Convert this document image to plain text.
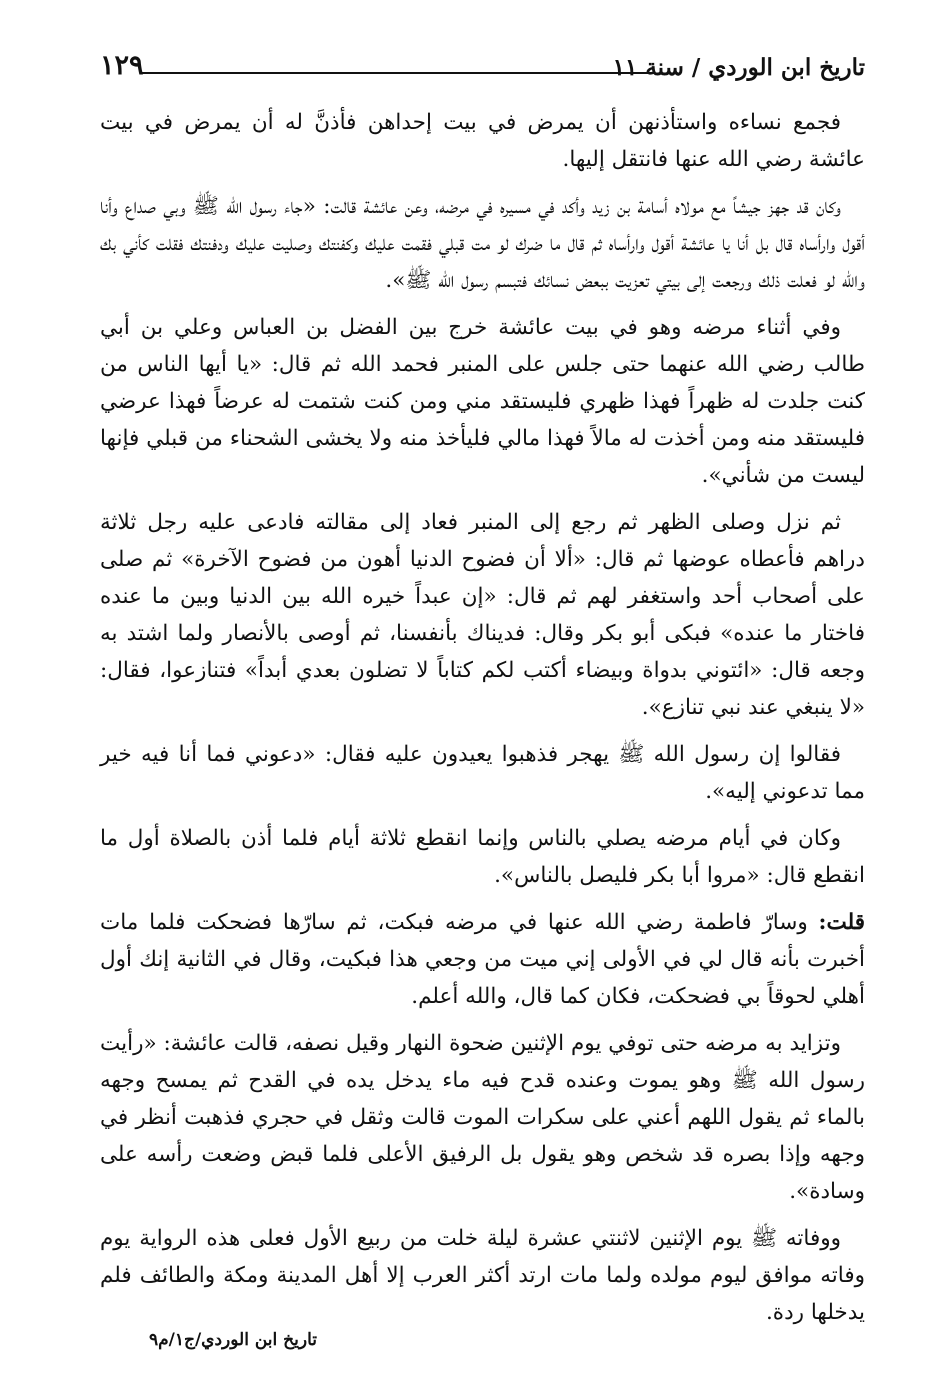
تاريخ ابن الوردي / سنة ١١
١٢٩

فجمع نساءه واستأذنهن أن يمرض في بيت إحداهن فأذنَّ له أن يمرض في بيت عائشة رضي الله عنها فانتقل إليها.

وكان قد جهز جيشاً مع مولاه أسامة بن زيد وأكد في مسيره في مرضه، وعن عائشة قالت: «جاء رسول الله ﷺ وبي صداع وأنا أقول وارأساه قال بل أنا يا عائشة أقول وارأساه ثم قال ما ضرك لو مت قبلي فقمت عليك وكفنتك وصليت عليك ودفنتك فقلت كأني بك والله لو فعلت ذلك ورجعت إلى بيتي تعزيت ببعض نسائك فتبسم رسول الله ﷺ».

وفي أثناء مرضه وهو في بيت عائشة خرج بين الفضل بن العباس وعلي بن أبي طالب رضي الله عنهما حتى جلس على المنبر فحمد الله ثم قال: «يا أيها الناس من كنت جلدت له ظهراً فهذا ظهري فليستقد مني ومن كنت شتمت له عرضاً فهذا عرضي فليستقد منه ومن أخذت له مالاً فهذا مالي فليأخذ منه ولا يخشى الشحناء من قبلي فإنها ليست من شأني».

ثم نزل وصلى الظهر ثم رجع إلى المنبر فعاد إلى مقالته فادعى عليه رجل ثلاثة دراهم فأعطاه عوضها ثم قال: «ألا أن فضوح الدنيا أهون من فضوح الآخرة» ثم صلى على أصحاب أحد واستغفر لهم ثم قال: «إن عبداً خيره الله بين الدنيا وبين ما عنده فاختار ما عنده» فبكى أبو بكر وقال: فديناك بأنفسنا، ثم أوصى بالأنصار ولما اشتد به وجعه قال: «ائتوني بدواة وبيضاء أكتب لكم كتاباً لا تضلون بعدي أبداً» فتنازعوا، فقال: «لا ينبغي عند نبي تنازع».

فقالوا إن رسول الله ﷺ يهجر فذهبوا يعيدون عليه فقال: «دعوني فما أنا فيه خير مما تدعوني إليه».

وكان في أيام مرضه يصلي بالناس وإنما انقطع ثلاثة أيام فلما أذن بالصلاة أول ما انقطع قال: «مروا أبا بكر فليصل بالناس».

قلت: وسارّ فاطمة رضي الله عنها في مرضه فبكت، ثم سارّها فضحكت فلما مات أخبرت بأنه قال لي في الأولى إني ميت من وجعي هذا فبكيت، وقال في الثانية إنك أول أهلي لحوقاً بي فضحكت، فكان كما قال، والله أعلم.

وتزايد به مرضه حتى توفي يوم الإثنين ضحوة النهار وقيل نصفه، قالت عائشة: «رأيت رسول الله ﷺ وهو يموت وعنده قدح فيه ماء يدخل يده في القدح ثم يمسح وجهه بالماء ثم يقول اللهم أعني على سكرات الموت قالت وثقل في حجري فذهبت أنظر في وجهه وإذا بصره قد شخص وهو يقول بل الرفيق الأعلى فلما قبض وضعت رأسه على وسادة».

ووفاته ﷺ يوم الإثنين لاثنتي عشرة ليلة خلت من ربيع الأول فعلى هذه الرواية يوم وفاته موافق ليوم مولده ولما مات ارتد أكثر العرب إلا أهل المدينة ومكة والطائف فلم يدخلها ردة.

تاريخ ابن الوردي/ج١/م٩
